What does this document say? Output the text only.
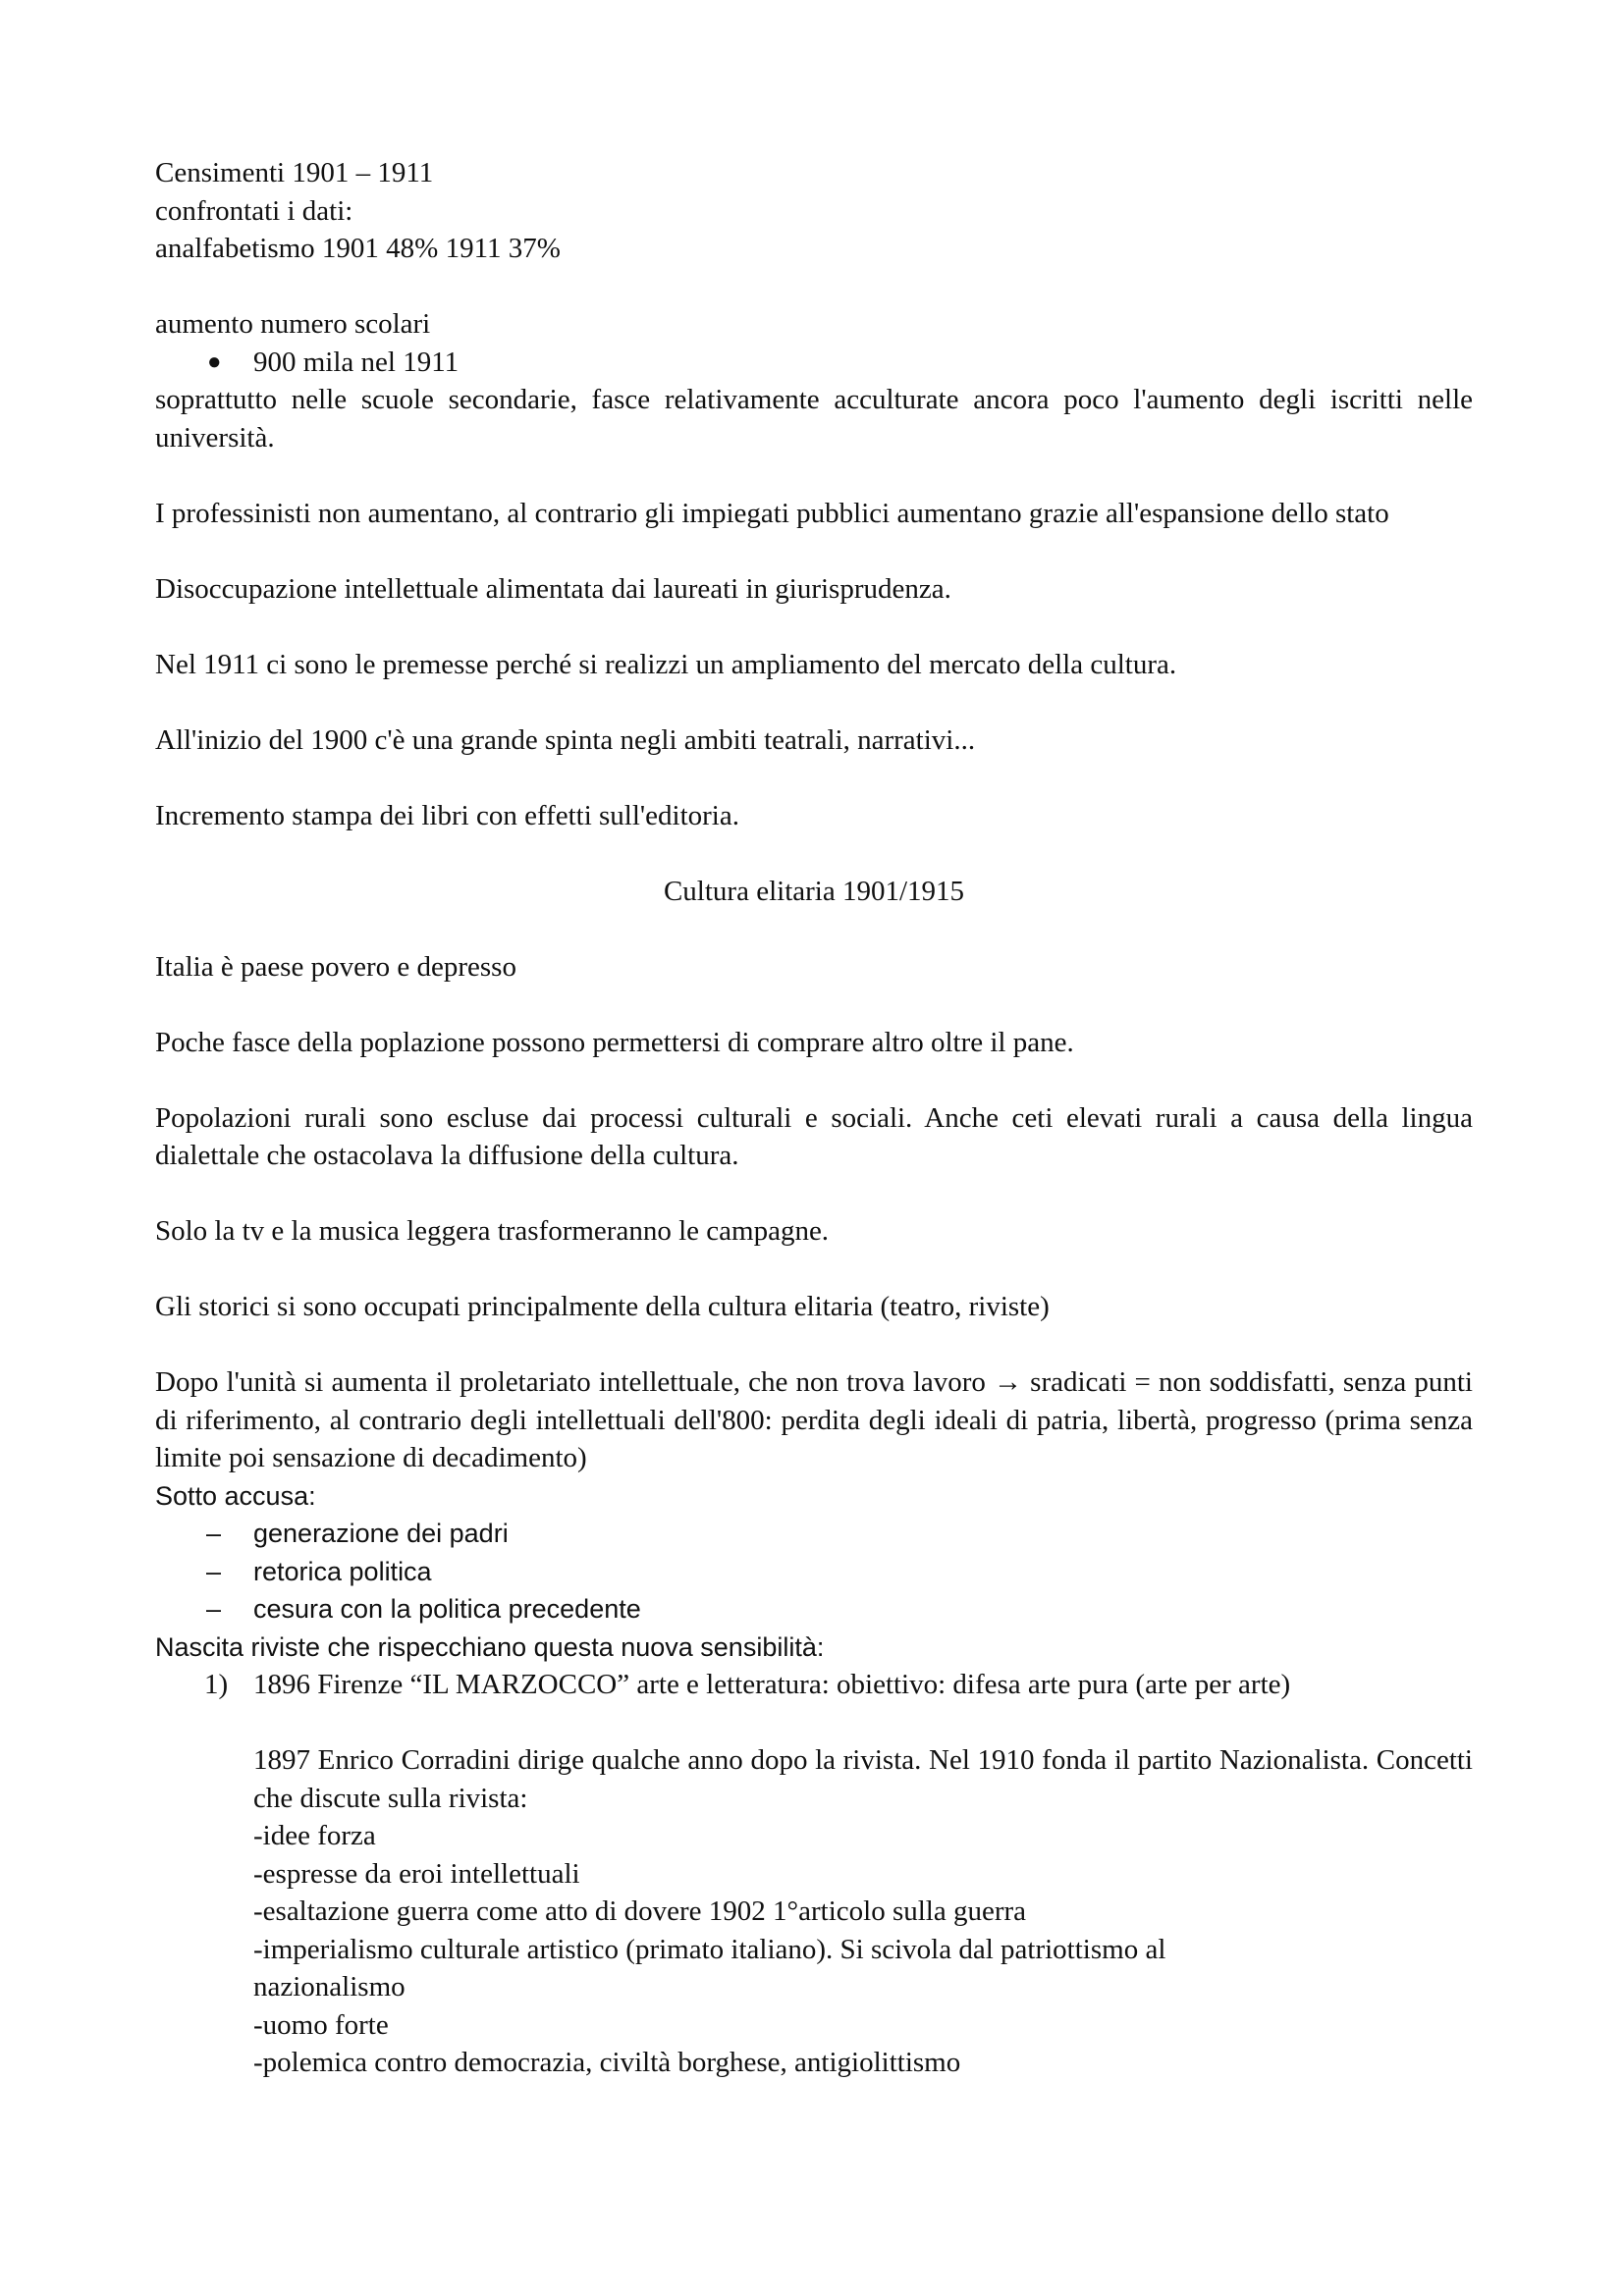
Censimenti 1901 – 1911

confrontati i dati:

analfabetismo 1901 48% 1911 37%

aumento numero scolari

● 900 mila nel 1911

soprattutto nelle scuole secondarie, fasce relativamente acculturate ancora poco l'aumento degli iscritti nelle università.

I professinisti non aumentano, al contrario gli impiegati pubblici aumentano grazie all'espansione dello stato

Disoccupazione intellettuale alimentata dai laureati in giurisprudenza.

Nel 1911 ci sono le premesse perché si realizzi un ampliamento del mercato della cultura.

All'inizio del 1900 c'è una grande spinta negli ambiti teatrali, narrativi...

Incremento stampa dei libri con effetti sull'editoria.

Cultura elitaria 1901/1915

Italia è paese povero e depresso

Poche fasce della poplazione possono permettersi di comprare altro oltre il pane.

Popolazioni rurali sono escluse dai processi culturali e sociali. Anche ceti elevati rurali a causa della lingua dialettale che ostacolava la diffusione della cultura.

Solo la tv e la musica leggera trasformeranno le campagne.

Gli storici si sono occupati principalmente della cultura elitaria (teatro, riviste)

Dopo l'unità si aumenta il proletariato intellettuale, che non trova lavoro → sradicati = non soddisfatti, senza punti di riferimento, al contrario degli intellettuali dell'800: perdita degli ideali di patria, libertà, progresso (prima senza limite poi sensazione di decadimento)

Sotto accusa:

– generazione dei padri
– retorica politica
– cesura con la politica precedente

Nascita riviste che rispecchiano questa nuova sensibilità:

1) 1896 Firenze “IL MARZOCCO” arte e letteratura: obiettivo: difesa arte pura (arte per arte)

1897 Enrico Corradini dirige qualche anno dopo la rivista. Nel 1910 fonda il partito Nazionalista. Concetti che discute sulla rivista:

-idee forza

-espresse da eroi intellettuali

-esaltazione guerra come atto di dovere 1902 1°articolo sulla guerra

-imperialismo culturale artistico (primato italiano). Si scivola dal patriottismo al nazionalismo

-uomo forte

-polemica contro democrazia, civiltà borghese, antigiolittismo
